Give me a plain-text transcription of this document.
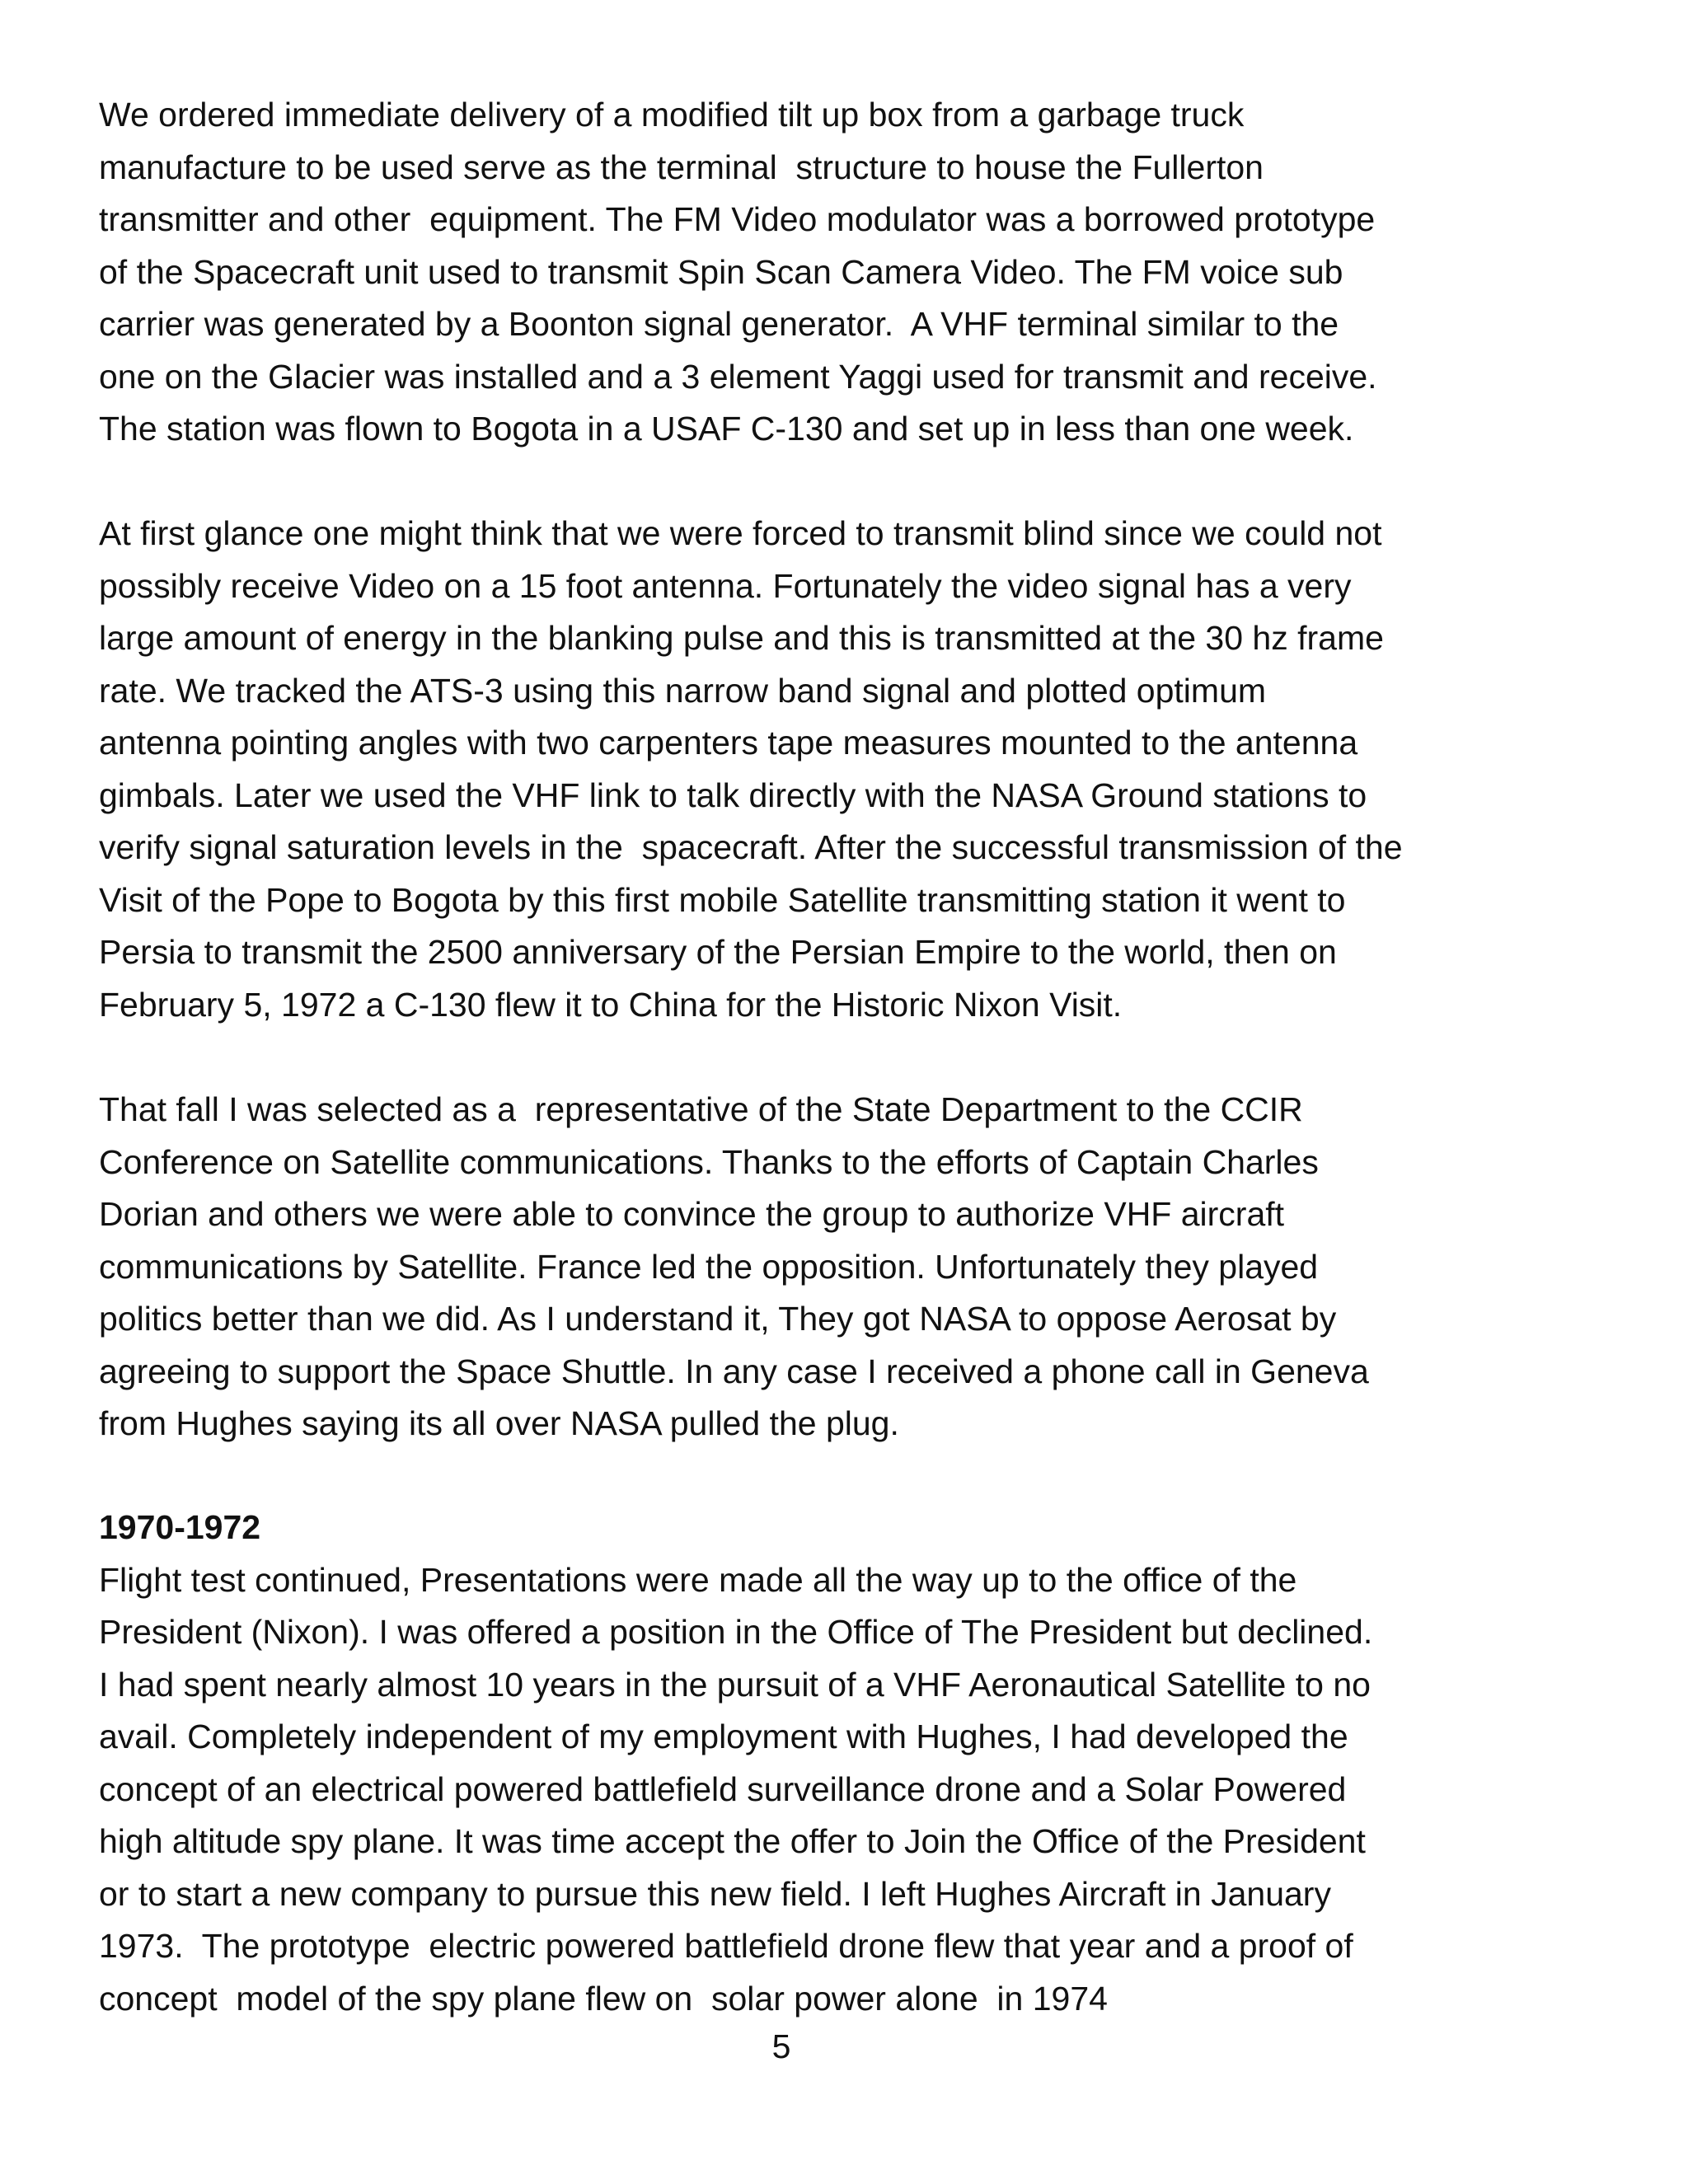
We ordered immediate delivery of a modified tilt up box from a garbage truck
manufacture to be used serve as the terminal  structure to house the Fullerton
transmitter and other  equipment. The FM Video modulator was a borrowed prototype
of the Spacecraft unit used to transmit Spin Scan Camera Video. The FM voice sub
carrier was generated by a Boonton signal generator.  A VHF terminal similar to the
one on the Glacier was installed and a 3 element Yaggi used for transmit and receive.
The station was flown to Bogota in a USAF C-130 and set up in less than one week.
At first glance one might think that we were forced to transmit blind since we could not
possibly receive Video on a 15 foot antenna. Fortunately the video signal has a very
large amount of energy in the blanking pulse and this is transmitted at the 30 hz frame
rate. We tracked the ATS-3 using this narrow band signal and plotted optimum
antenna pointing angles with two carpenters tape measures mounted to the antenna
gimbals. Later we used the VHF link to talk directly with the NASA Ground stations to
verify signal saturation levels in the  spacecraft. After the successful transmission of the
Visit of the Pope to Bogota by this first mobile Satellite transmitting station it went to
Persia to transmit the 2500 anniversary of the Persian Empire to the world, then on
February 5, 1972 a C-130 flew it to China for the Historic Nixon Visit.
That fall I was selected as a  representative of the State Department to the CCIR
Conference on Satellite communications. Thanks to the efforts of Captain Charles
Dorian and others we were able to convince the group to authorize VHF aircraft
communications by Satellite. France led the opposition. Unfortunately they played
politics better than we did. As I understand it, They got NASA to oppose Aerosat by
agreeing to support the Space Shuttle. In any case I received a phone call in Geneva
from Hughes saying its all over NASA pulled the plug.
1970-1972
Flight test continued, Presentations were made all the way up to the office of the
President (Nixon). I was offered a position in the Office of The President but declined.
I had spent nearly almost 10 years in the pursuit of a VHF Aeronautical Satellite to no
avail. Completely independent of my employment with Hughes, I had developed the
concept of an electrical powered battlefield surveillance drone and a Solar Powered
high altitude spy plane. It was time accept the offer to Join the Office of the President
or to start a new company to pursue this new field. I left Hughes Aircraft in January
1973.  The prototype  electric powered battlefield drone flew that year and a proof of
concept  model of the spy plane flew on  solar power alone  in 1974
5
